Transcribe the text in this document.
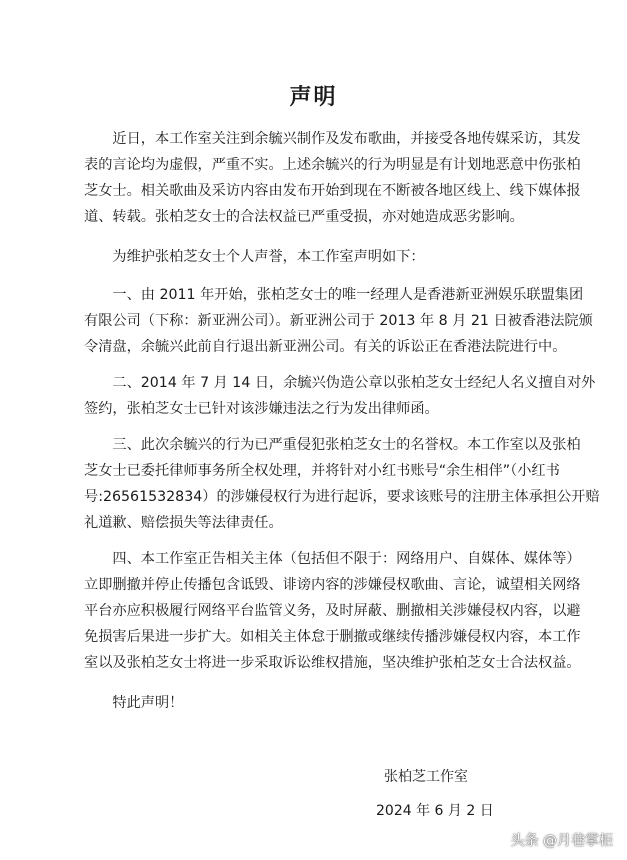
声明

　　近日，本工作室关注到余毓兴制作及发布歌曲，并接受各地传媒采访，其发
表的言论均为虚假，严重不实。上述余毓兴的行为明显是有计划地恶意中伤张柏
芝女士。相关歌曲及采访内容由发布开始到现在不断被各地区线上、线下媒体报
道、转载。张柏芝女士的合法权益已严重受损，亦对她造成恶劣影响。

　　为维护张柏芝女士个人声誉，本工作室声明如下：

　　一、由 2011 年开始，张柏芝女士的唯一经理人是香港新亚洲娱乐联盟集团
有限公司（下称：新亚洲公司）。新亚洲公司于 2013 年 8 月 21 日被香港法院颁
令清盘，余毓兴此前自行退出新亚洲公司。有关的诉讼正在香港法院进行中。

　　二、2014 年 7 月 14 日，余毓兴伪造公章以张柏芝女士经纪人名义擅自对外
签约，张柏芝女士已针对该涉嫌违法之行为发出律师函。

　　三、此次余毓兴的行为已严重侵犯张柏芝女士的名誉权。本工作室以及张柏
芝女士已委托律师事务所全权处理，并将针对小红书账号“余生相伴”（小红书
号:26561532834）的涉嫌侵权行为进行起诉，要求该账号的注册主体承担公开赔
礼道歉、赔偿损失等法律责任。

　　四、本工作室正告相关主体（包括但不限于：网络用户、自媒体、媒体等）
立即删撤并停止传播包含诋毁、诽谤内容的涉嫌侵权歌曲、言论，诚望相关网络
平台亦应积极履行网络平台监管义务，及时屏蔽、删撤相关涉嫌侵权内容，以避
免损害后果进一步扩大。如相关主体怠于删撤或继续传播涉嫌侵权内容，本工作
室以及张柏芝女士将进一步采取诉讼维权措施，坚决维护张柏芝女士合法权益。

　　特此声明！

张柏芝工作室
2024 年 6 月 2 日
头条 @月巷掌柜
